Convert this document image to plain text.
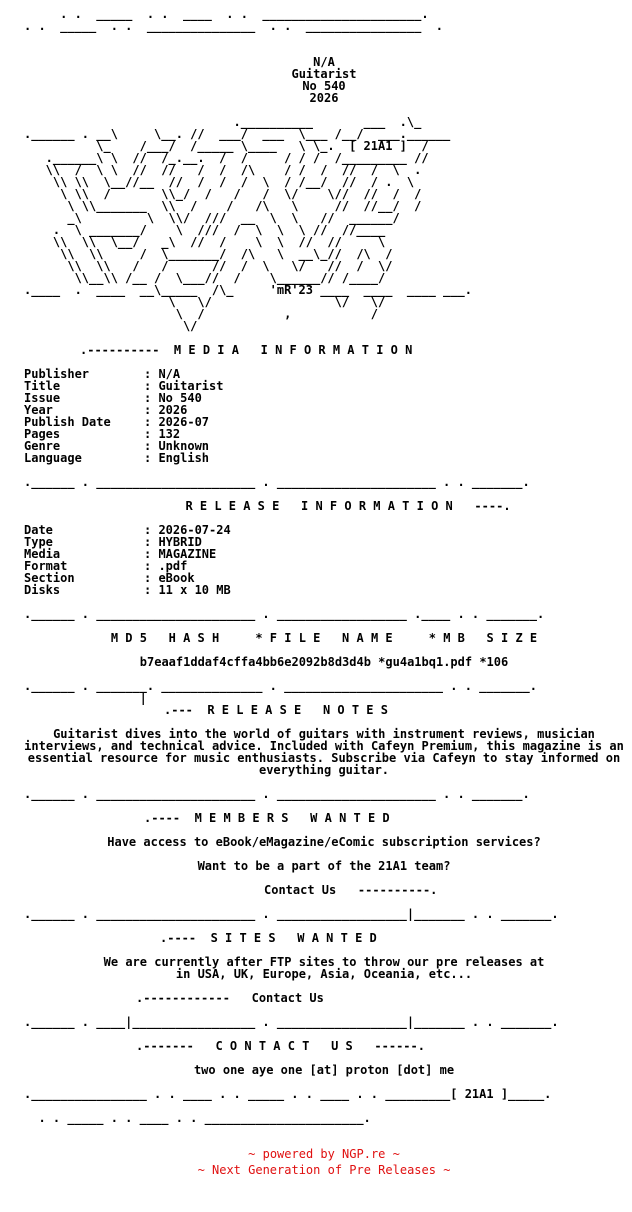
. .  _____  . .  ____  . .  ______________________.
. .  _____  . .  _______________  . .  ________________  .
N/A
Guitarist
No 540
2026
.__________       ___  .\_
.______ . __\     \__. //  ___/  ___  \___ /__/  ___.______
\_    /___/  /_____ \____   \ \_.  [ 21A1 ]  /
.______\ \  //  /_.__.  /  /     / / /  /_________ //
\\  /  \ \  //  //   /  /  /\    / /  /  //  /  \  .
\\ \\  \__//__  //  /  /  /  \  / /__/  //  / .  \
\ \\  /       \\_/  /   /   /  \/    \//  //  /  /
\ \\_______  \\  /    /   /\   \     //  //__/  /
_\         \  \\/  ///  __  \  \   //  ______/
.  \ _______/    \  ///  /  \  \  \ //  //____
\\  \\  \__/   _\  //  /    \  \  //  //     \
\\  \\     /  \_______/  /\   \  __\_//  /\  /
\\  \\   /   /      //  /  \   \/   //  /  \/
\\__\\ /__ /  \___//  /    \______// /____/
.____  .  ____  __\_____  /\_     'mR'23 ____  ____  ____ ___.
\   \/                 \/   \/
\  /           ,           /
\/
.----------  M E D I A   I N F O R M A T I O N
Publisher	: N/A
Title	: Guitarist
Issue	: No 540
Year	: 2026
Publish Date	: 2026-07
Pages	: 132
Genre	: Unknown
Language	: English
.______ . ______________________ . ______________________ . . _______.
R E L E A S E   I N F O R M A T I O N   ----.
Date	: 2026-07-24
Type	: HYBRID
Media	: MAGAZINE
Format	: .pdf
Section	: eBook
Disks	: 11 x 10 MB
.______ . ______________________ . __________________ .____ . . _______.
M D 5   H A S H     * F I L E   N A M E     * M B   S I Z E
b7eaaf1ddaf4cffa4bb6e2092b8d3d4b *gu4a1bq1.pdf *106
.______ . _______. ______________ . ______________________ . . _______.
|
.---  R E L E A S E   N O T E S
Guitarist dives into the world of guitars with instrument reviews, musician interviews, and technical advice. Included with Cafeyn Premium, this magazine is an essential resource for music enthusiasts. Subscribe via Cafeyn to stay informed on everything guitar.
.______ . ______________________ . ______________________ . . _______.
.----  M E M B E R S   W A N T E D
Have access to eBook/eMagazine/eComic subscription services?
Want to be a part of the 21A1 team?
Contact Us   ----------.
.______ . ______________________ . __________________|_______ . . _______.
.----  S I T E S   W A N T E D
We are currently after FTP sites to throw our pre releases at
in USA, UK, Europe, Asia, Oceania, etc...
.------------   Contact Us
.______ . ____|_________________ . __________________|_______ . . _______.
.-------   C O N T A C T   U S   ------.
two one aye one [at] proton [dot] me
.________________ . . ____ . . _____ . . ____ . . _________[ 21A1 ]_____.
. . _____ . . ____ . . ______________________.
~ powered by NGP.re ~
~ Next Generation of Pre Releases ~
